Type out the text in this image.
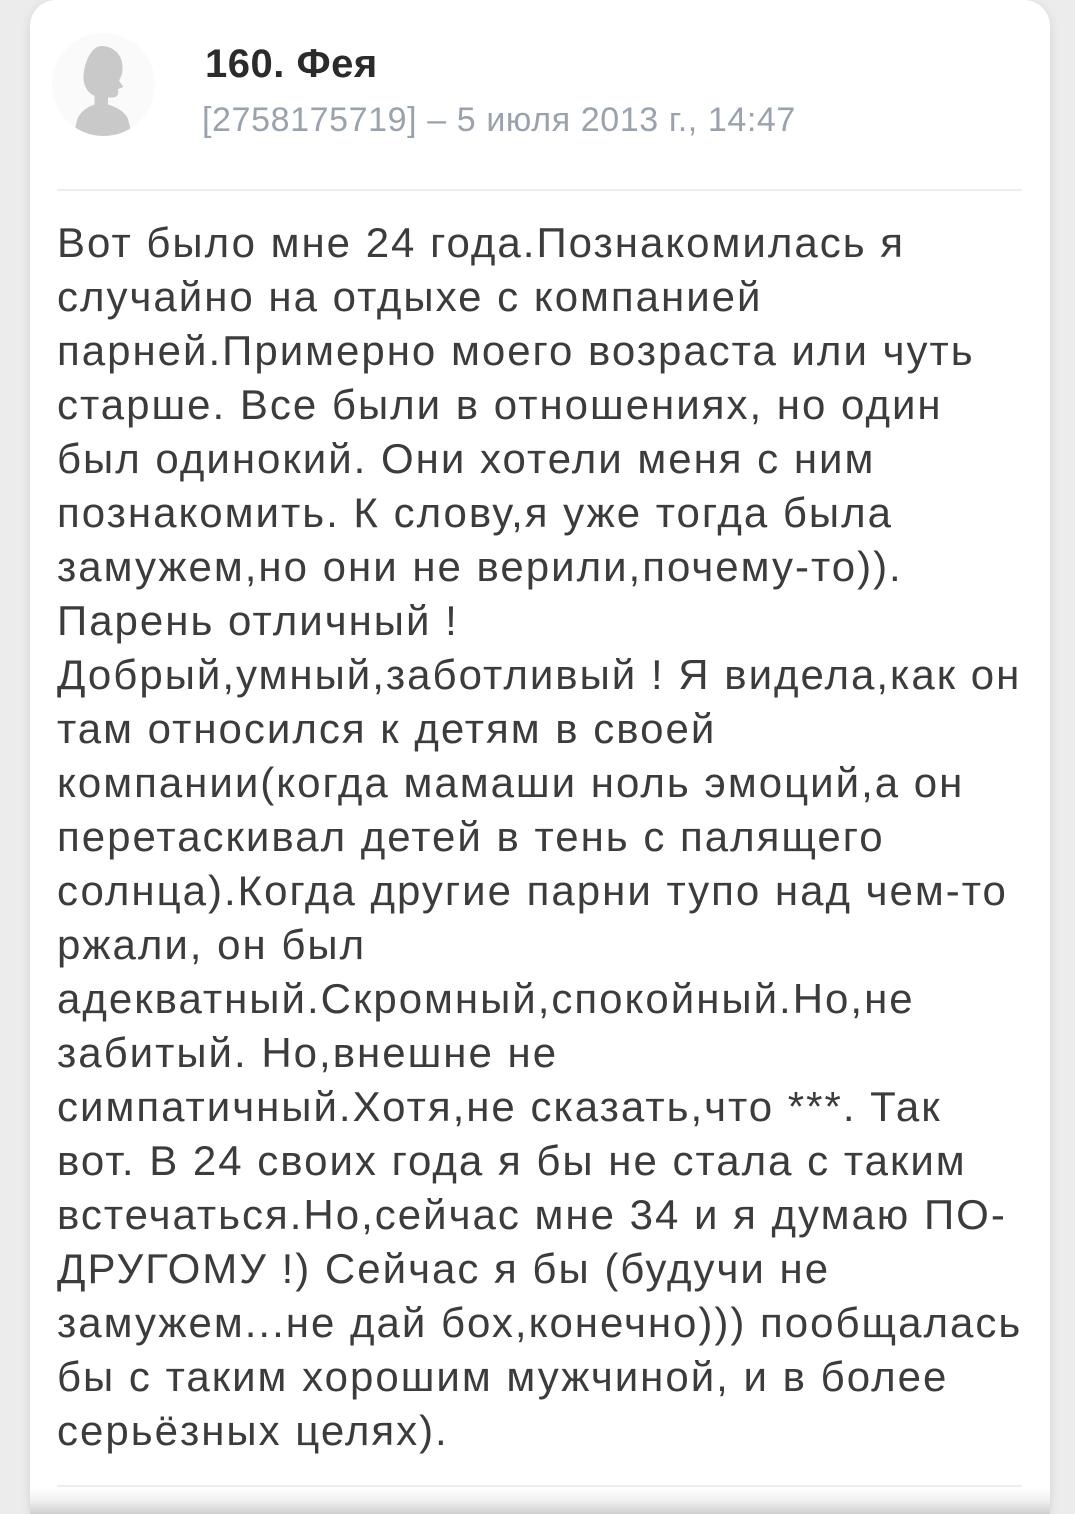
160. Фея
[2758175719] – 5 июля 2013 г., 14:47
Вот было мне 24 года.Познакомилась я
случайно на отдыхе с компанией
парней.Примерно моего возраста или чуть
старше. Все были в отношениях, но один
был одинокий. Они хотели меня с ним
познакомить. К слову,я уже тогда была
замужем,но они не верили,почему-то)).
Парень отличный !
Добрый,умный,заботливый ! Я видела,как он
там относился к детям в своей
компании(когда мамаши ноль эмоций,а он
перетаскивал детей в тень с палящего
солнца).Когда другие парни тупо над чем-то
ржали, он был
адекватный.Скромный,спокойный.Но,не
забитый. Но,внешне не
симпатичный.Хотя,не сказать,что ***. Так
вот. В 24 своих года я бы не стала с таким
встечаться.Но,сейчас мне 34 и я думаю ПО-
ДРУГОМУ !) Сейчас я бы (будучи не
замужем...не дай бох,конечно))) пообщалась
бы с таким хорошим мужчиной, и в более
серьёзных целях).
